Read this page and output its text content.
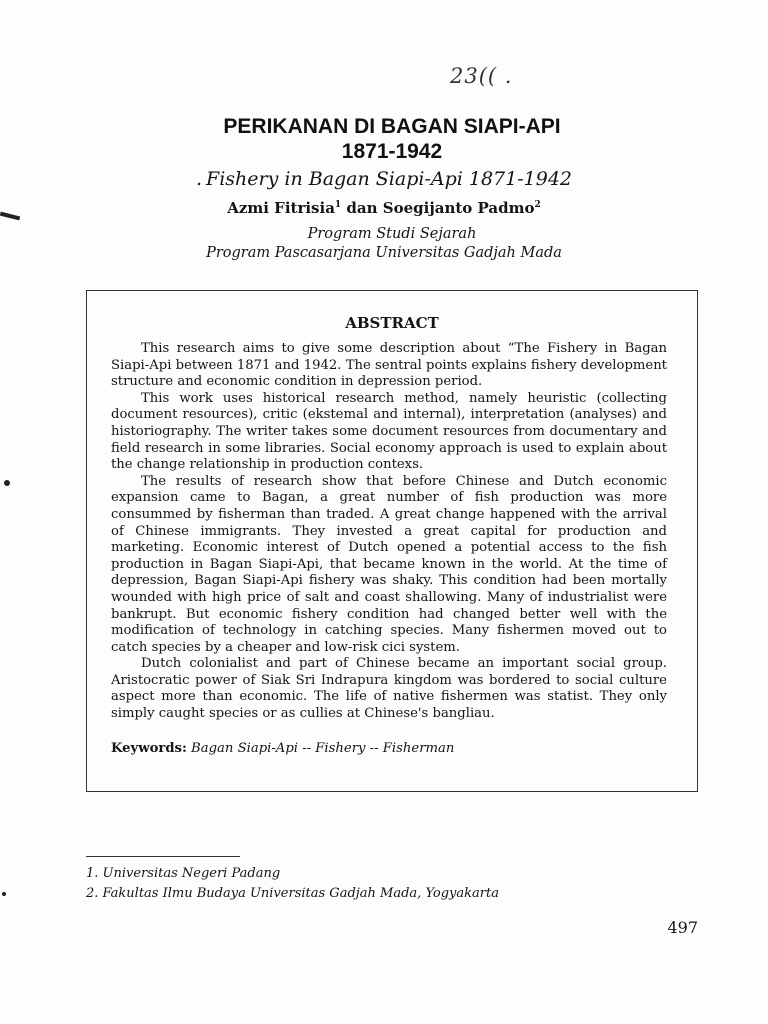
23(( .
PERIKANAN DI BAGAN SIAPI-API
1871-1942

. Fishery in Bagan Siapi-Api 1871-1942

Azmi Fitrisia$^1$ dan Soegijanto Padmo$^2$

Program Studi Sejarah

Program Pascasarjana Universitas Gadjah Mada

ABSTRACT

This research aims to give some description about “The Fishery in Bagan Siapi-Api between 1871 and 1942. The sentral points explains fishery development structure and economic condition in depression period.

This work uses historical research method, namely heuristic (collecting document resources), critic (ekstemal and internal), interpretation (analyses) and historiography. The writer takes some document resources from documentary and field research in some libraries. Social economy approach is used to explain about the change relationship in production contexs.

The results of research show that before Chinese and Dutch economic expansion came to Bagan, a great number of fish production was more consummed by fisherman than traded. A great change happened with the arrival of Chinese immigrants. They invested a great capital for production and marketing. Economic interest of Dutch opened a potential access to the fish production in Bagan Siapi-Api, that became known in the world. At the time of depression, Bagan Siapi-Api fishery was shaky. This condition had been mortally wounded with high price of salt and coast shallowing. Many of industrialist were bankrupt. But economic fishery condition had changed better well with the modification of technology in catching species. Many fishermen moved out to catch species by a cheaper and low-risk cici system.

Dutch colonialist and part of Chinese became an important social group. Aristocratic power of Siak Sri Indrapura kingdom was bordered to social culture aspect more than economic. The life of native fishermen was statist. They only simply caught species or as cullies at Chinese's bangliau.

Keywords: Bagan Siapi-Api -- Fishery -- Fisherman

1. Universitas Negeri Padang
2. Fakultas Ilmu Budaya Universitas Gadjah Mada, Yogyakarta

497
